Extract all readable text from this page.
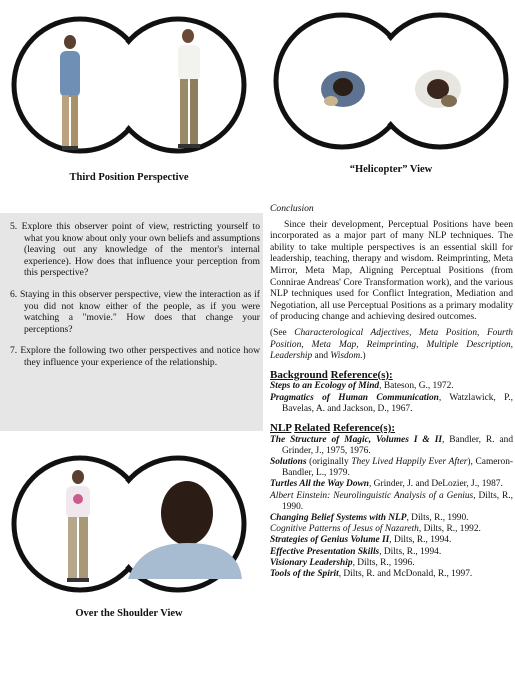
Third Position Perspective
“Helicopter” View

5. Explore this observer point of view, restricting yourself to what you know about only your own beliefs and assumptions (leaving out any knowledge of the mentor's internal experience). How does that influence your perception from this perspective?

6. Staying in this observer perspective, view the interaction as if you did not know either of the people, as if you were watching a "movie." How does that change your perceptions?

7. Explore the following two other perspectives and notice how they influence your experience of the relationship.

Over the Shoulder View

Conclusion

Since their development, Perceptual Positions have been incorporated as a major part of many NLP techniques. The ability to take multiple perspectives is an essential skill for leadership, teaching, therapy and wisdom. Reimprinting, Meta Mirror, Meta Map, Aligning Perceptual Positions (from Connirae Andreas' Core Transformation work), and the various NLP techniques used for Conflict Integration, Mediation and Negotiation, all use Perceptual Positions as a primary modality of producing change and achieving desired outcomes.

(See Characterological Adjectives, Meta Position, Fourth Position, Meta Map, Reimprinting, Multiple Description, Leadership and Wisdom.)

Background Reference(s):

Steps to an Ecology of Mind, Bateson, G., 1972.

Pragmatics of Human Communication, Watzlawick, P., Bavelas, A. and Jackson, D., 1967.

NLP Related Reference(s):

The Structure of Magic, Volumes I & II, Bandler, R. and Grinder, J., 1975, 1976.

Solutions (originally They Lived Happily Ever After), Cameron-Bandler, L., 1979.

Turtles All the Way Down, Grinder, J. and DeLozier, J., 1987.

Albert Einstein: Neurolinguistic Analysis of a Genius, Dilts, R., 1990.

Changing Belief Systems with NLP, Dilts, R., 1990.

Cognitive Patterns of Jesus of Nazareth, Dilts, R., 1992.

Strategies of Genius Volume II, Dilts, R., 1994.

Effective Presentation Skills, Dilts, R., 1994.

Visionary Leadership, Dilts, R., 1996.

Tools of the Spirit, Dilts, R. and McDonald, R., 1997.
